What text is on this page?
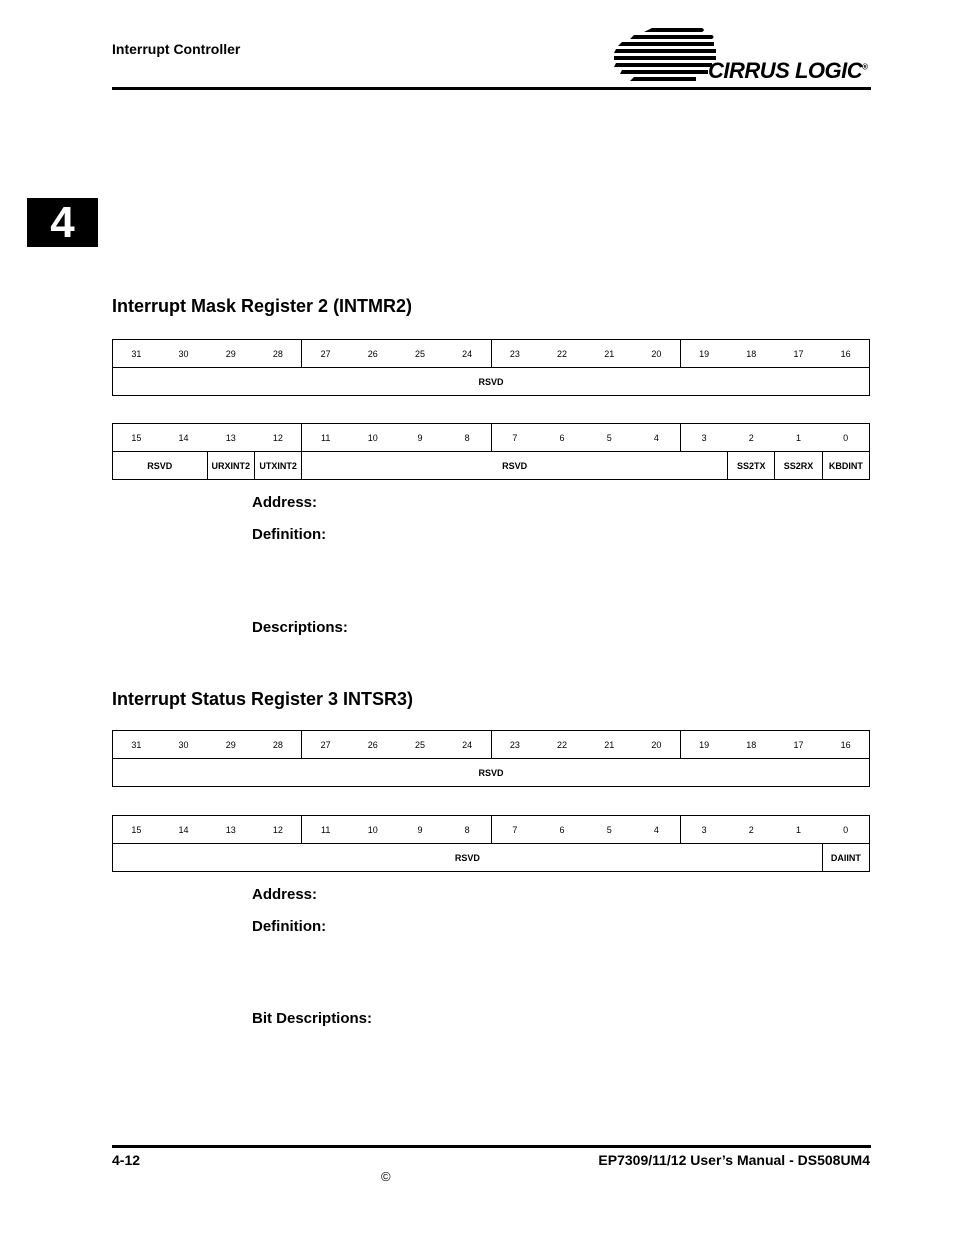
Interrupt Controller
CIRRUS LOGIC®
4
Interrupt Mask Register 2 (INTMR2)
31	30	29	28	27	26	25	24	23	22	21	20	19	18	17	16
RSVD
15	14	13	12	11	10	9	8	7	6	5	4	3	2	1	0
RSVD		URXINT2	UTXINT2	RSVD									SS2TX	SS2RX	KBDINT
Address:
Definition:
Descriptions:
Interrupt Status Register 3 INTSR3)
31	30	29	28	27	26	25	24	23	22	21	20	19	18	17	16
RSVD
15	14	13	12	11	10	9	8	7	6	5	4	3	2	1	0
RSVD															DAIINT
Address:
Definition:
Bit Descriptions:
4-12	EP7309/11/12 User’s Manual - DS508UM4
©
